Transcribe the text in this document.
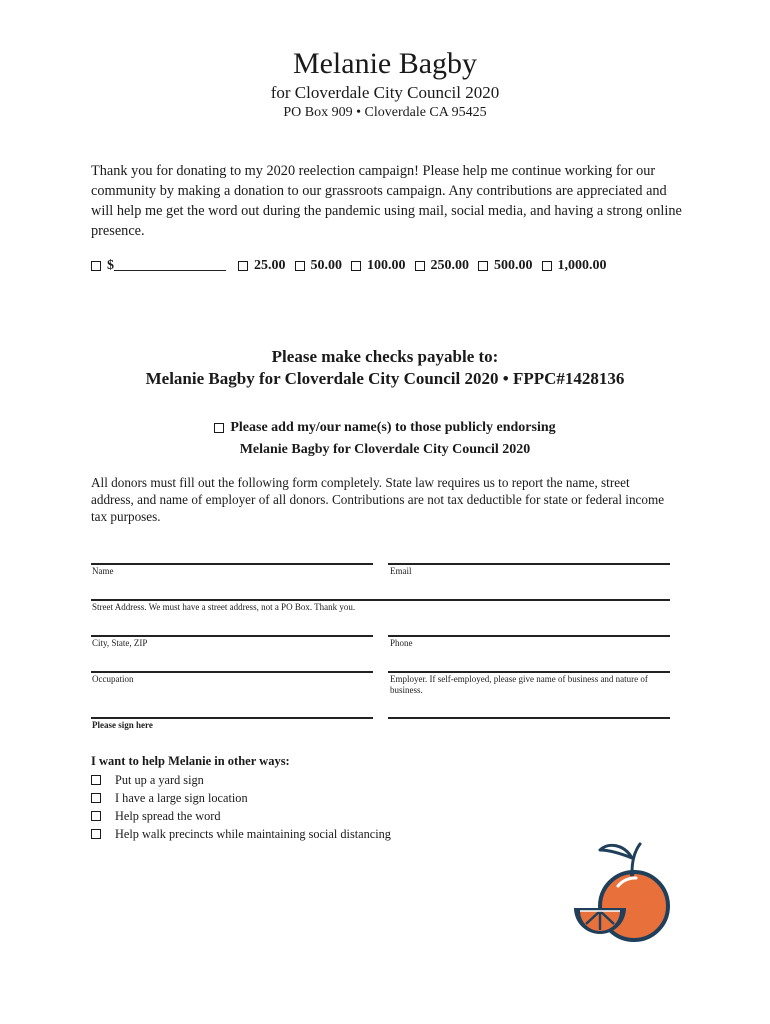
Melanie Bagby
for Cloverdale City Council 2020
PO Box 909 • Cloverdale CA 95425
Thank you for donating to my 2020 reelection campaign! Please help me continue working for our community by making a donation to our grassroots campaign. Any contributions are appreciated and will help me get the word out during the pandemic using mail, social media, and having a strong online presence.
$________________ 25.00 50.00 100.00 250.00 500.00 1,000.00
Please make checks payable to:
Melanie Bagby for Cloverdale City Council 2020 • FPPC#1428136
Please add my/our name(s) to those publicly endorsing
Melanie Bagby for Cloverdale City Council 2020
All donors must fill out the following form completely. State law requires us to report the name, street address, and name of employer of all donors. Contributions are not tax deductible for state or federal income tax purposes.
Name	Email
Street Address. We must have a street address, not a PO Box. Thank you.
City, State, ZIP	Phone
Occupation	Employer. If self-employed, please give name of business and nature of business.
Please sign here
I want to help Melanie in other ways:
Put up a yard sign
I have a large sign location
Help spread the word
Help walk precincts while maintaining social distancing
